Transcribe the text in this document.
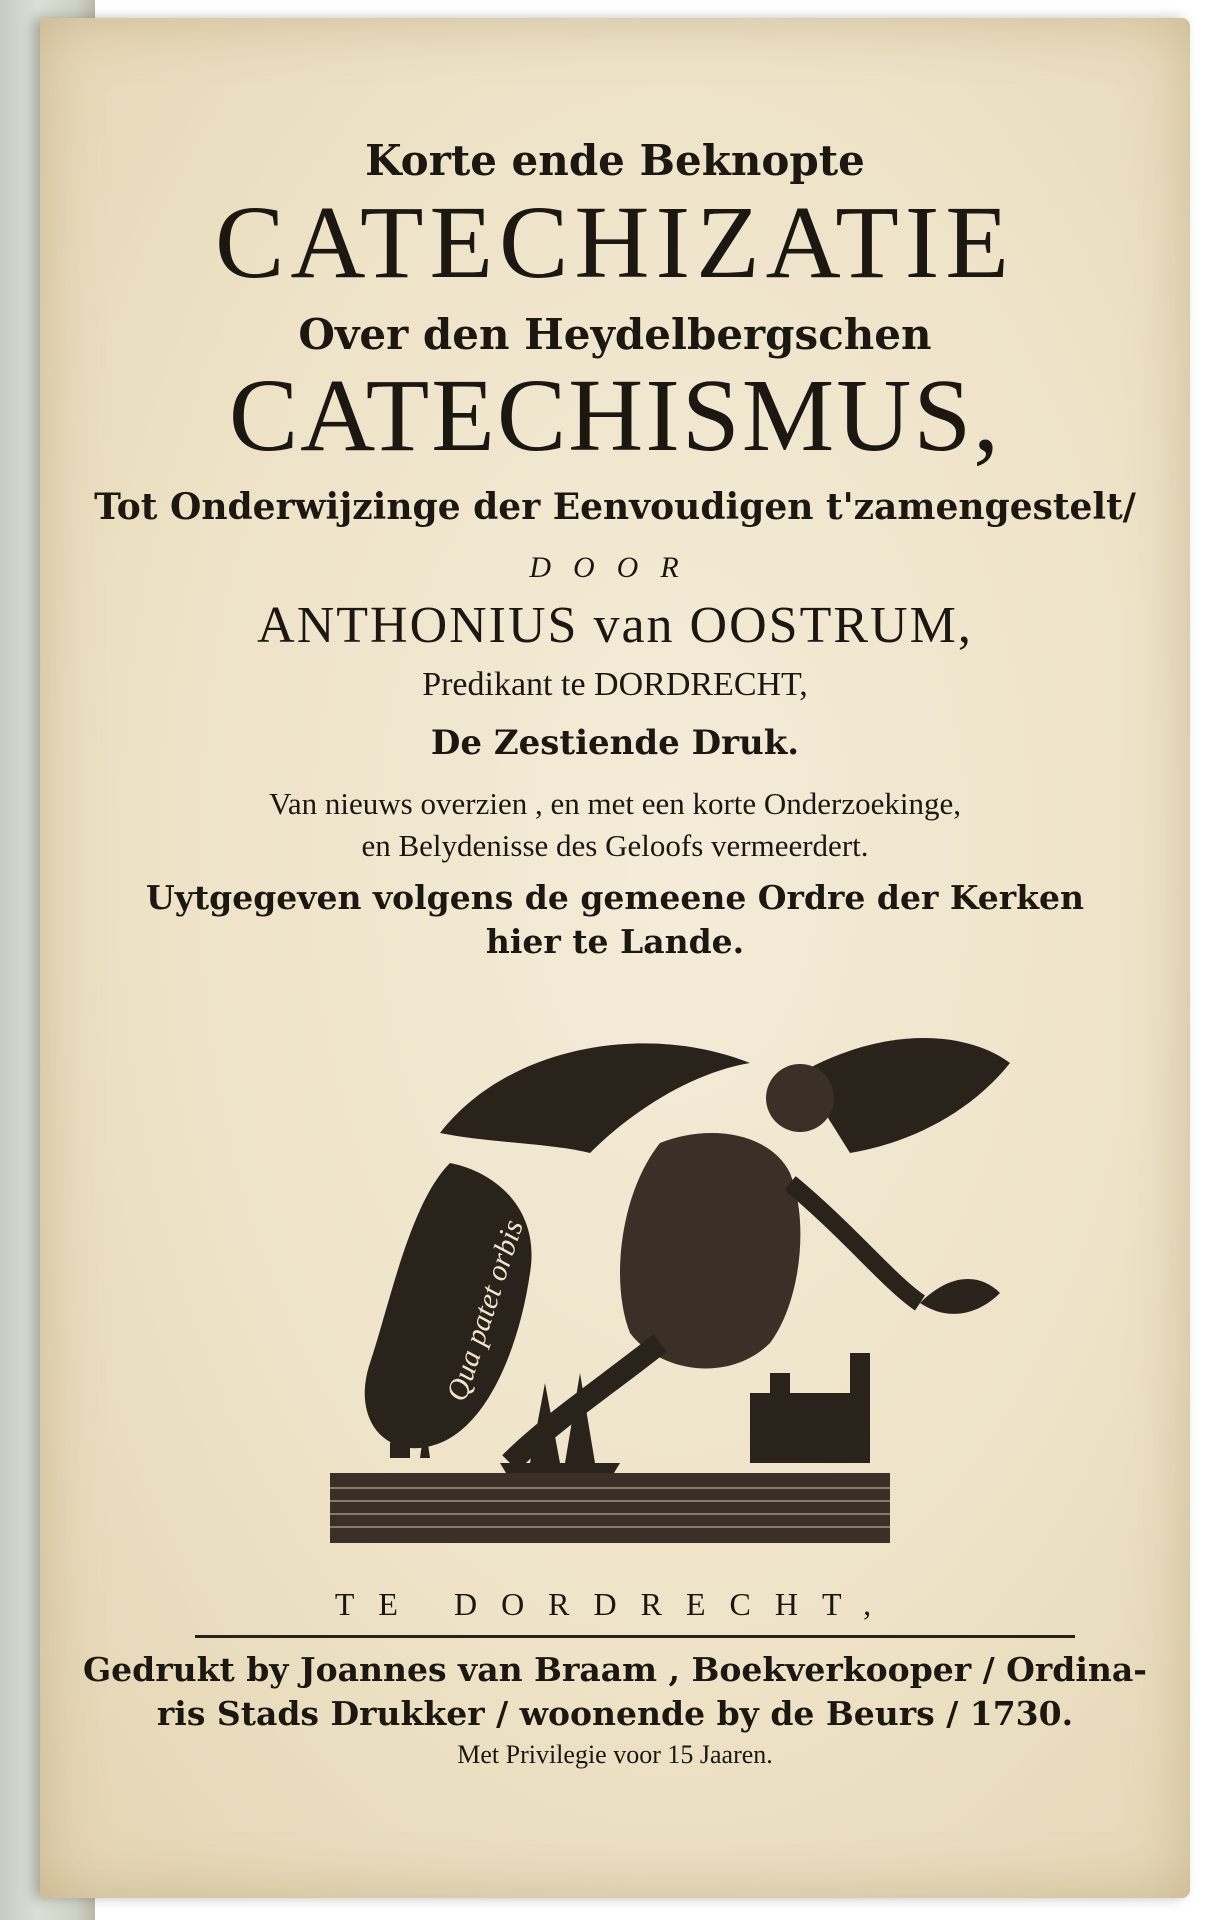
Korte ende Beknopte
CATECHIZATIE
Over den Heydelbergschen
CATECHISMUS,
Tot Onderwijzinge der Eenvoudigen t'zamengestelt/
DOOR
ANTHONIUS van OOSTRUM,
Predikant te DORDRECHT,
De Zestiende Druk.
Van nieuws overzien , en met een korte Onderzoekinge,
en Belydenisse des Geloofs vermeerdert.
Uytgegeven volgens de gemeene Ordre der Kerken
hier te Lande.
Qua patet orbis
TE DORDRECHT,
Gedrukt by Joannes van Braam , Boekverkooper / Ordina-
ris Stads Drukker / woonende by de Beurs / 1730.
Met Privilegie voor 15 Jaaren.
